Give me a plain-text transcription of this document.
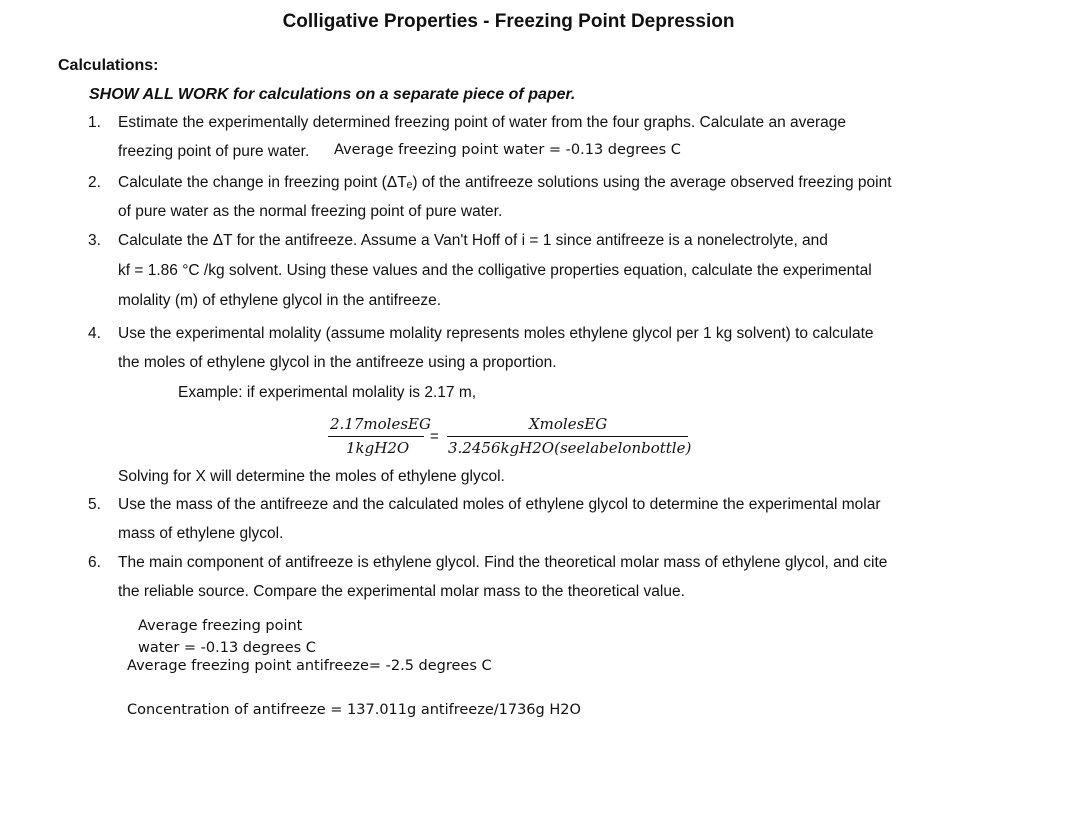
Colligative Properties - Freezing Point Depression
Calculations:
SHOW ALL WORK for calculations on a separate piece of paper.
1.	Estimate the experimentally determined freezing point of water from the four graphs. Calculate an average
freezing point of pure water. Average freezing point water = -0.13 degrees C
2.	Calculate the change in freezing point (ΔTₑ) of the antifreeze solutions using the average observed freezing point
of pure water as the normal freezing point of pure water.
3.	Calculate the ΔT for the antifreeze. Assume a Van't Hoff of i = 1 since antifreeze is a nonelectrolyte, and
kf = 1.86 °C /kg solvent. Using these values and the colligative properties equation, calculate the experimental
molality (m) of ethylene glycol in the antifreeze.
4.	Use the experimental molality (assume molality represents moles ethylene glycol per 1 kg solvent) to calculate
the moles of ethylene glycol in the antifreeze using a proportion.
Example: if experimental molality is 2.17 m,
2.17molesEG
1kgH2O
=
XmolesEG
3.2456kgH2O(seelabelonbottle)
Solving for X will determine the moles of ethylene glycol.
5.	Use the mass of the antifreeze and the calculated moles of ethylene glycol to determine the experimental molar
mass of ethylene glycol.
6.	The main component of antifreeze is ethylene glycol. Find the theoretical molar mass of ethylene glycol, and cite
the reliable source. Compare the experimental molar mass to the theoretical value.
Average freezing point
water = -0.13 degrees C
Average freezing point antifreeze= -2.5 degrees C
Concentration of antifreeze = 137.011g antifreeze/1736g H2O
